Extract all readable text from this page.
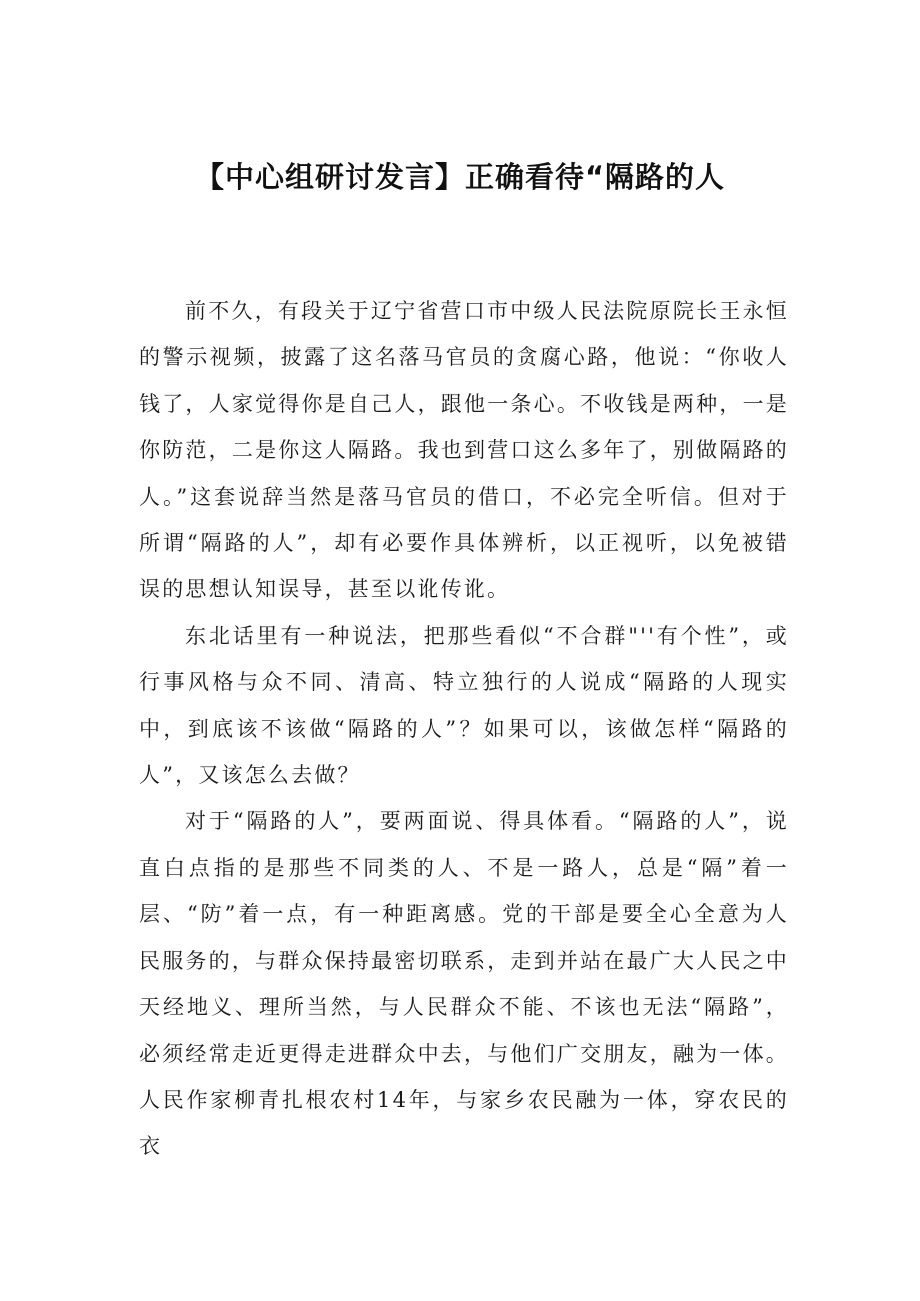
【中心组研讨发言】正确看待“隔路的人

前不久，有段关于辽宁省营口市中级人民法院原院长王永恒的警示视频，披露了这名落马官员的贪腐心路，他说：“你收人钱了，人家觉得你是自己人，跟他一条心。不收钱是两种，一是你防范，二是你这人隔路。我也到营口这么多年了，别做隔路的人。”这套说辞当然是落马官员的借口，不必完全听信。但对于所谓“隔路的人”，却有必要作具体辨析，以正视听，以免被错误的思想认知误导，甚至以讹传讹。

东北话里有一种说法，把那些看似“不合群"''有个性”，或行事风格与众不同、清高、特立独行的人说成“隔路的人现实中，到底该不该做“隔路的人”？如果可以，该做怎样“隔路的人”，又该怎么去做？

对于“隔路的人”，要两面说、得具体看。“隔路的人”，说直白点指的是那些不同类的人、不是一路人，总是“隔”着一层、“防”着一点，有一种距离感。党的干部是要全心全意为人民服务的，与群众保持最密切联系，走到并站在最广大人民之中天经地义、理所当然，与人民群众不能、不该也无法“隔路”，必须经常走近更得走进群众中去，与他们广交朋友，融为一体。人民作家柳青扎根农村14年，与家乡农民融为一体，穿农民的衣
